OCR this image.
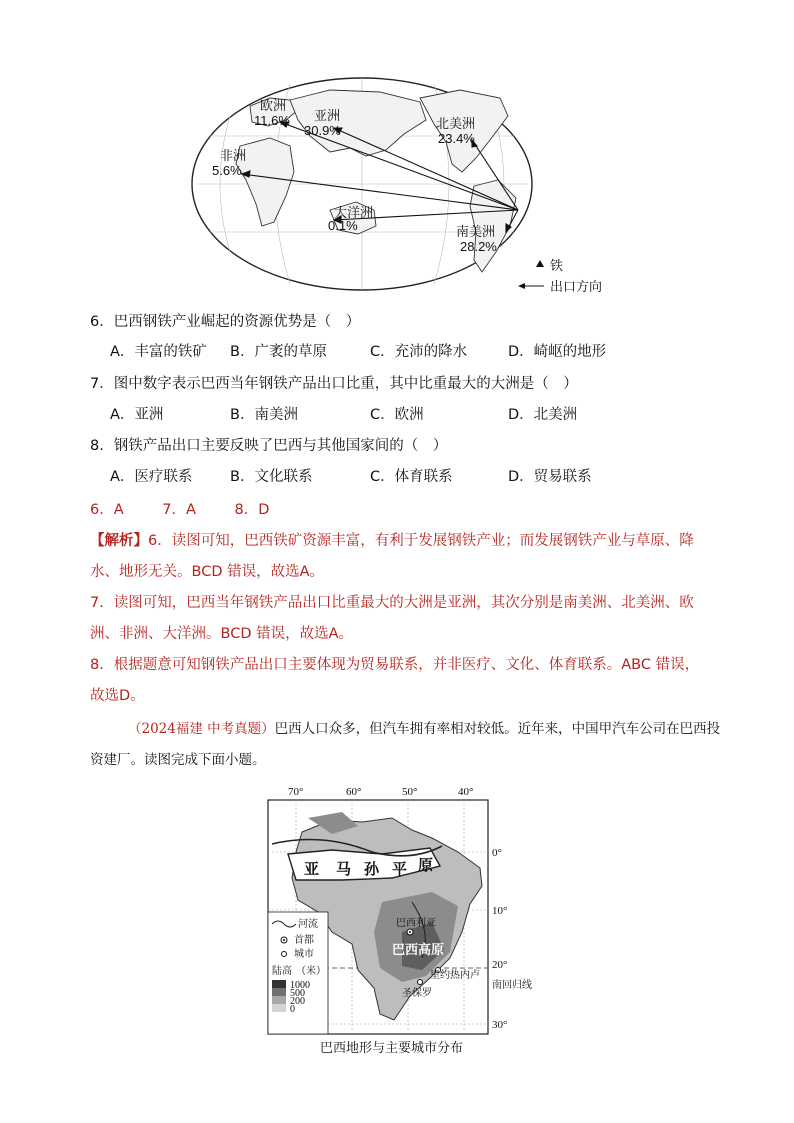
欧洲
11.6% 亚洲
30.9%	北美洲
23.4%
非洲
5.6%
大洋洲
0.1%	南美洲
28.2%
铁
出口方向
6．巴西钢铁产业崛起的资源优势是（　）
A．丰富的铁矿 B．广袤的草原	C．充沛的降水	D．崎岖的地形
7．图中数字表示巴西当年钢铁产品出口比重，其中比重最大的大洲是（　）
A．亚洲	B．南美洲	C．欧洲	D．北美洲
8．钢铁产品出口主要反映了巴西与其他国家间的（　）
A．医疗联系	B．文化联系	C．体育联系	D．贸易联系
6．A	7．A	8．D
【解析】6．读图可知，巴西铁矿资源丰富，有利于发展钢铁产业；而发展钢铁产业与草原、降水、地形无关。BCD 错误，故选A。
7．读图可知，巴西当年钢铁产品出口比重最大的大洲是亚洲，其次分别是南美洲、北美洲、欧洲、非洲、大洋洲。BCD 错误，故选A。
8．根据题意可知钢铁产品出口主要体现为贸易联系，并非医疗、文化、体育联系。ABC 错误，故选D。
（2024福建 中考真题）巴西人口众多，但汽车拥有率相对较低。近年来，中国甲汽车公司在巴西投资建厂。读图完成下面小题。
70°	60°	50°	40°
亚 马 孙 平 原
巴西高原
巴西利亚
里约热内卢
圣保罗
南回归线
0°
10°
20°
30°
河流
首都
城市
陆高 （米）
1000
500
200
0
巴西地形与主要城市分布
